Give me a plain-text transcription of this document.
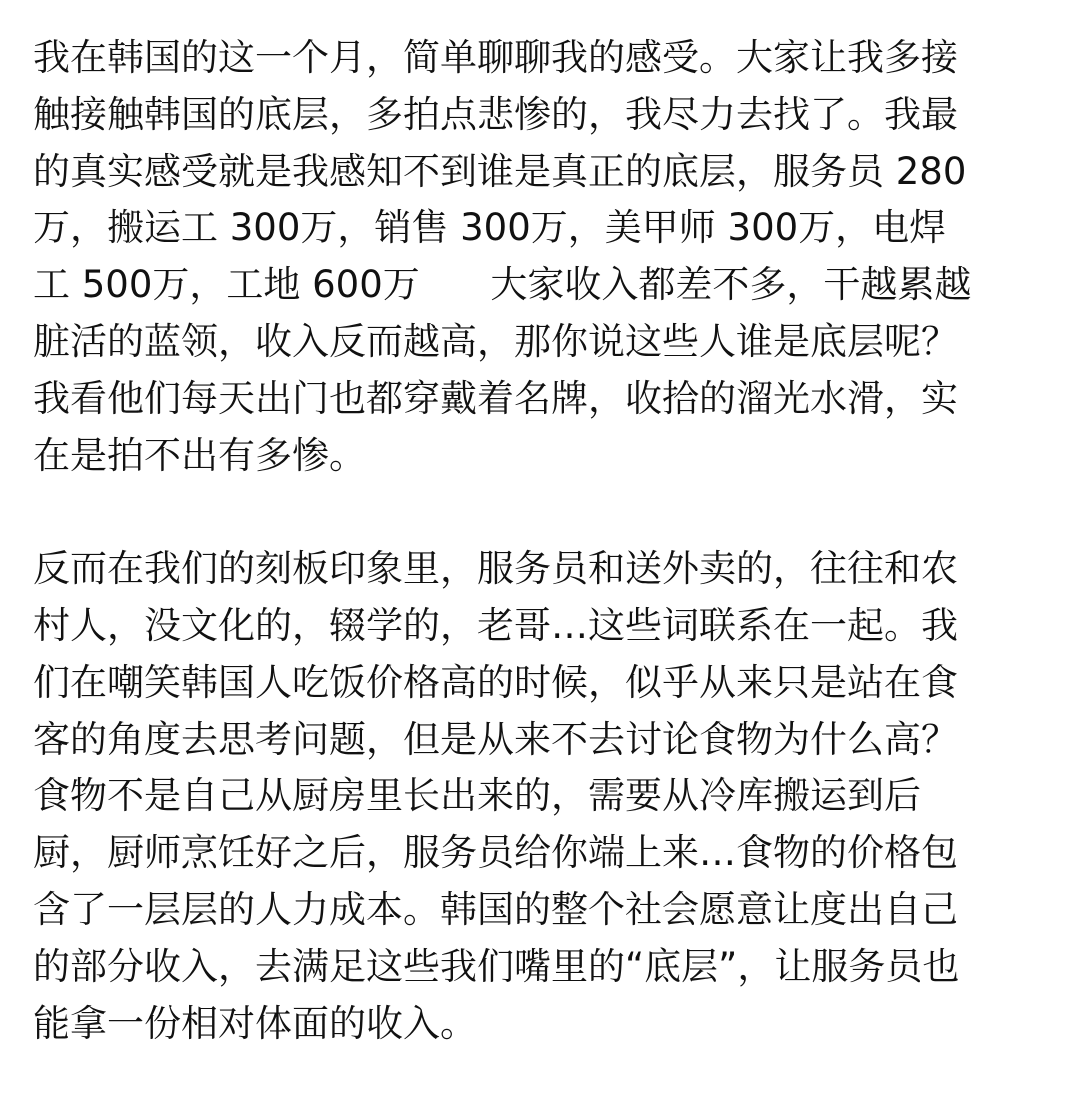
我在韩国的这一个月，简单聊聊我的感受。大家让我多接
触接触韩国的底层，多拍点悲惨的，我尽力去找了。我最
的真实感受就是我感知不到谁是真正的底层，服务员 280
万，搬运工 300万，销售 300万，美甲师 300万，电焊
工 500万，工地 600万      大家收入都差不多，干越累越
脏活的蓝领，收入反而越高，那你说这些人谁是底层呢？
我看他们每天出门也都穿戴着名牌，收拾的溜光水滑，实
在是拍不出有多惨。
反而在我们的刻板印象里，服务员和送外卖的，往往和农
村人，没文化的，辍学的，老哥…这些词联系在一起。我
们在嘲笑韩国人吃饭价格高的时候，似乎从来只是站在食
客的角度去思考问题，但是从来不去讨论食物为什么高？
食物不是自己从厨房里长出来的，需要从冷库搬运到后
厨，厨师烹饪好之后，服务员给你端上来…食物的价格包
含了一层层的人力成本。韩国的整个社会愿意让度出自己
的部分收入，去满足这些我们嘴里的“底层”，让服务员也
能拿一份相对体面的收入。
